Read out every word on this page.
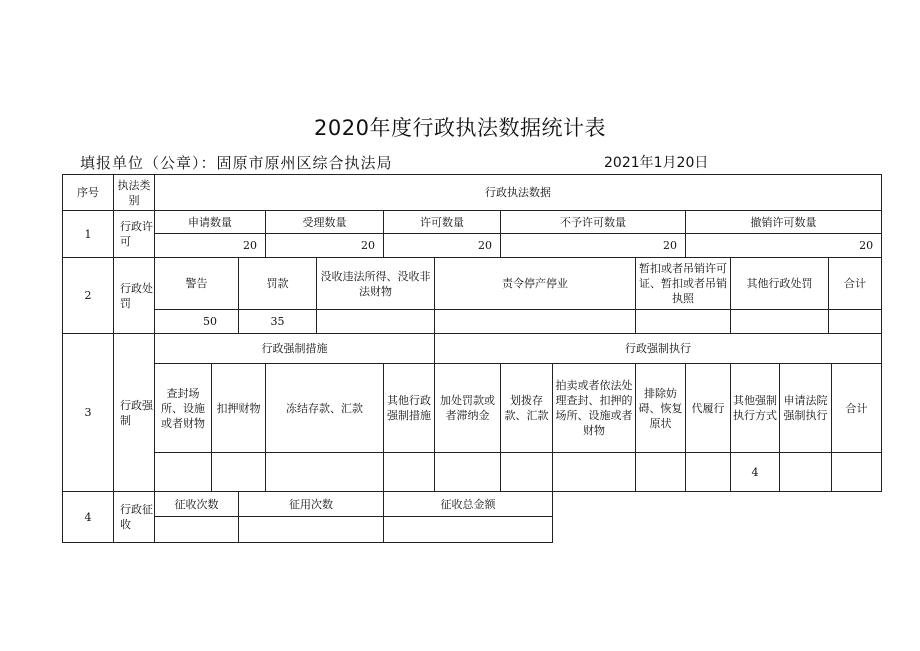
2020年度行政执法数据统计表
填报单位（公章）：固原市原州区综合执法局	2021年1月20日
序号	执法类别	行政执法数据														
1	行政许可	申请数量			受理数量		许可数量		不予许可数量			撤销许可数量				
		20			20		20		20			20				
2	行政处罚	警告		罚款		没收违法所得、没收非法财物		责令停产停业			暂扣或者吊销许可证、暂扣或者吊销执照		其他行政处罚		合计	
		50		35												
3	行政强制	行政强制措施						行政强制执行								
		查封场所、设施或者财物	扣押财物		冻结存款、汇款		其他行政强制措施	加处罚款或者滞纳金	划拨存款、汇款	拍卖或者依法处理查封、扣押的场所、设施或者财物	排除妨碍、恢复原状	代履行	其他强制执行方式	申请法院强制执行		合计
													4			
4	行政征收	征收次数		征用次数			征收总金额									
